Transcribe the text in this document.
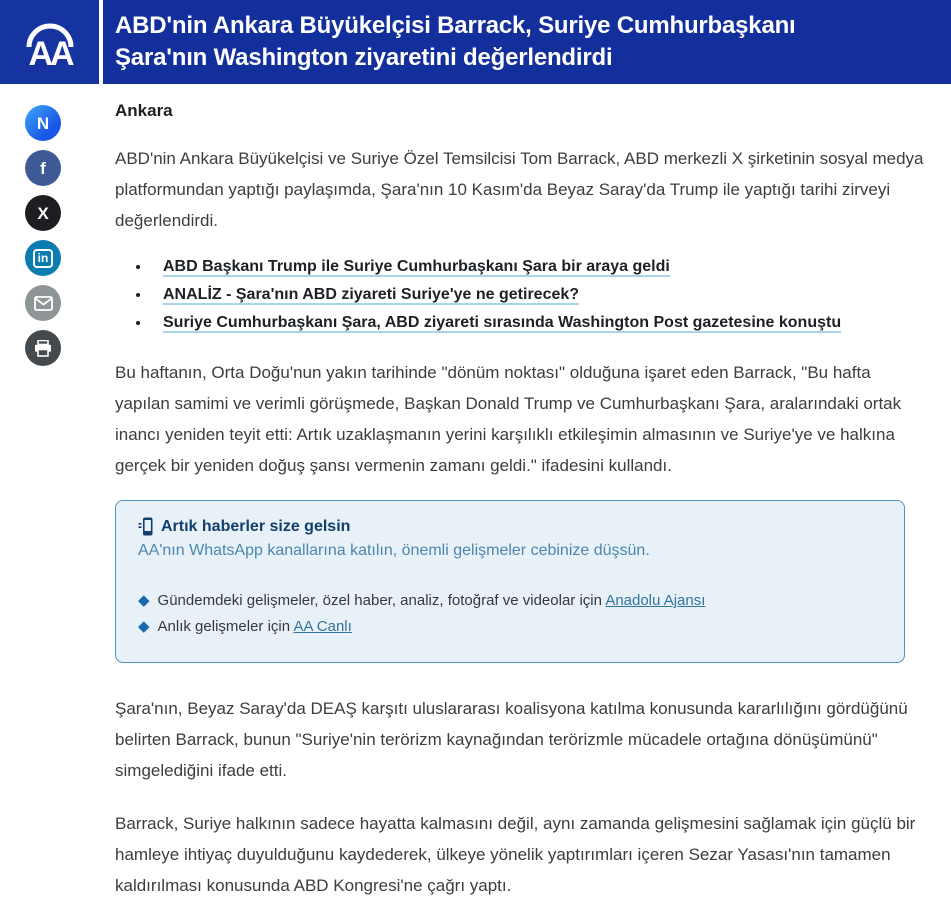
AA
ABD'nin Ankara Büyükelçisi Barrack, Suriye Cumhurbaşkanı Şara'nın Washington ziyaretini değerlendirdi
N
f
X
in
Ankara

ABD'nin Ankara Büyükelçisi ve Suriye Özel Temsilcisi Tom Barrack, ABD merkezli X şirketinin sosyal medya platformundan yaptığı paylaşımda, Şara'nın 10 Kasım'da Beyaz Saray'da Trump ile yaptığı tarihi zirveyi değerlendirdi.

• ABD Başkanı Trump ile Suriye Cumhurbaşkanı Şara bir araya geldi
• ANALİZ - Şara'nın ABD ziyareti Suriye'ye ne getirecek?
• Suriye Cumhurbaşkanı Şara, ABD ziyareti sırasında Washington Post gazetesine konuştu

Bu haftanın, Orta Doğu'nun yakın tarihinde "dönüm noktası" olduğuna işaret eden Barrack, "Bu hafta yapılan samimi ve verimli görüşmede, Başkan Donald Trump ve Cumhurbaşkanı Şara, aralarındaki ortak inancı yeniden teyit etti: Artık uzaklaşmanın yerini karşılıklı etkileşimin almasının ve Suriye'ye ve halkına gerçek bir yeniden doğuş şansı vermenin zamanı geldi." ifadesini kullandı.

Artık haberler size gelsin
AA'nın WhatsApp kanallarına katılın, önemli gelişmeler cebinize düşsün.
◆ Gündemdeki gelişmeler, özel haber, analiz, fotoğraf ve videolar için Anadolu Ajansı
◆ Anlık gelişmeler için AA Canlı

Şara'nın, Beyaz Saray'da DEAŞ karşıtı uluslararası koalisyona katılma konusunda kararlılığını gördüğünü belirten Barrack, bunun "Suriye'nin terörizm kaynağından terörizmle mücadele ortağına dönüşümünü" simgelediğini ifade etti.

Barrack, Suriye halkının sadece hayatta kalmasını değil, aynı zamanda gelişmesini sağlamak için güçlü bir hamleye ihtiyaç duyulduğunu kaydederek, ülkeye yönelik yaptırımları içeren Sezar Yasası'nın tamamen kaldırılması konusunda ABD Kongresi'ne çağrı yaptı.
